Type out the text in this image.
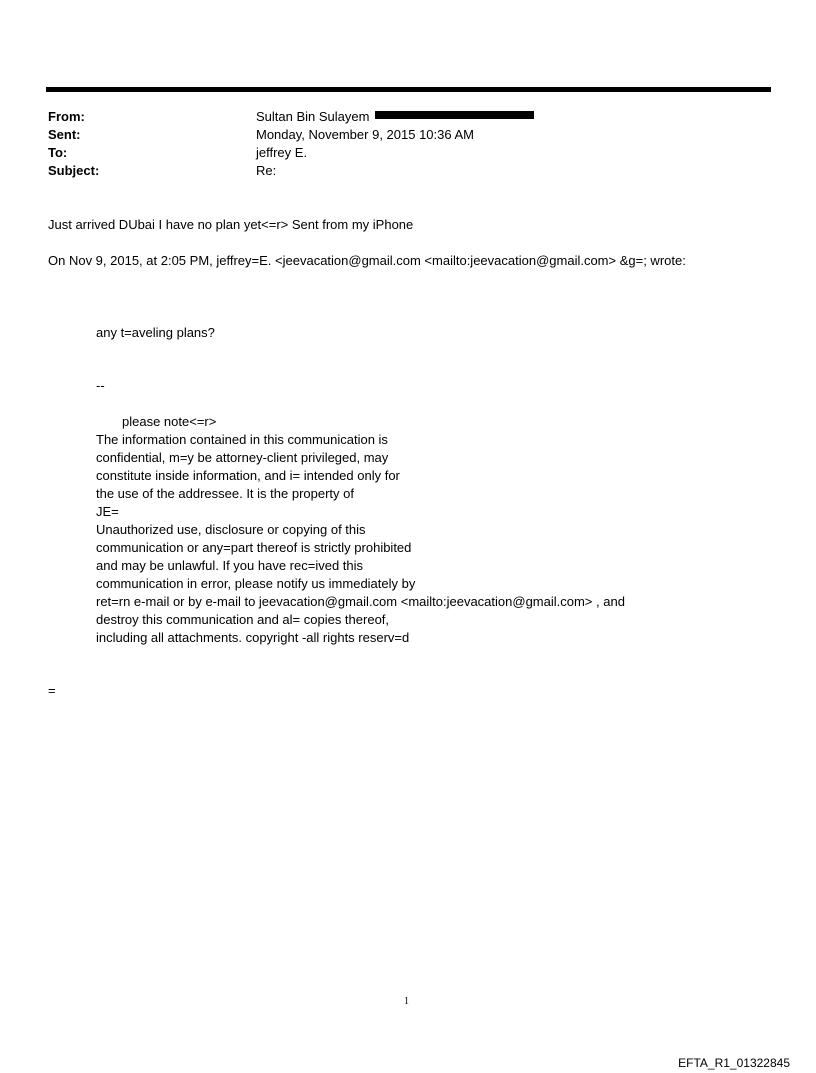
From:	Sultan Bin Sulayem
Sent:	Monday, November 9, 2015 10:36 AM
To:	jeffrey E.
Subject:	Re:
Just arrived DUbai I have no plan yet<=r> Sent from my iPhone
On Nov 9, 2015, at 2:05 PM, jeffrey=E. <jeevacation@gmail.com <mailto:jeevacation@gmail.com> &g=; wrote:
any t=aveling plans?
--
please note<=r>
The information contained in this communication is
confidential, m=y be attorney-client privileged, may
constitute inside information, and i= intended only for
the use of the addressee. It is the property of
JE=
Unauthorized use, disclosure or copying of this
communication or any=part thereof is strictly prohibited
and may be unlawful. If you have rec=ived this
communication in error, please notify us immediately by
ret=rn e-mail or by e-mail to jeevacation@gmail.com <mailto:jeevacation@gmail.com> , and
destroy this communication and al= copies thereof,
including all attachments. copyright -all rights reserv=d
=
1
EFTA_R1_01322845
